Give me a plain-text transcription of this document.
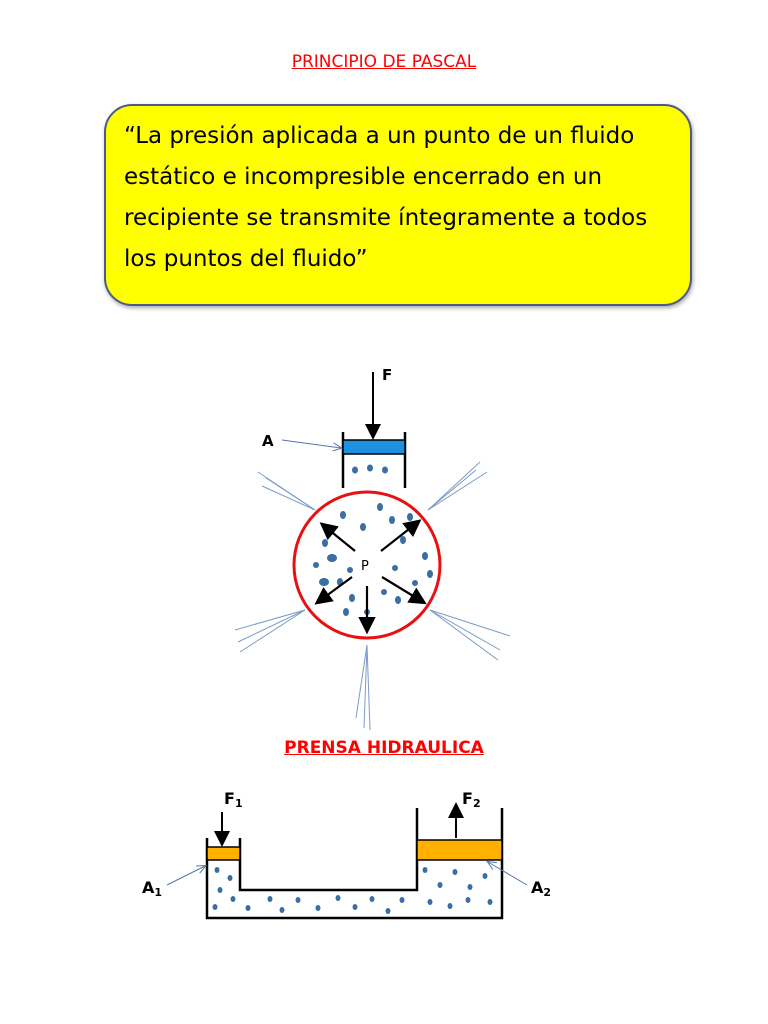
PRINCIPIO DE PASCAL
“La presión aplicada a un punto de un fluido
estático e incompresible encerrado en un
recipiente se transmite íntegramente a todos
los puntos del fluido”
F
A
P
PRENSA HIDRAULICA
F1	F2
A1	A2
